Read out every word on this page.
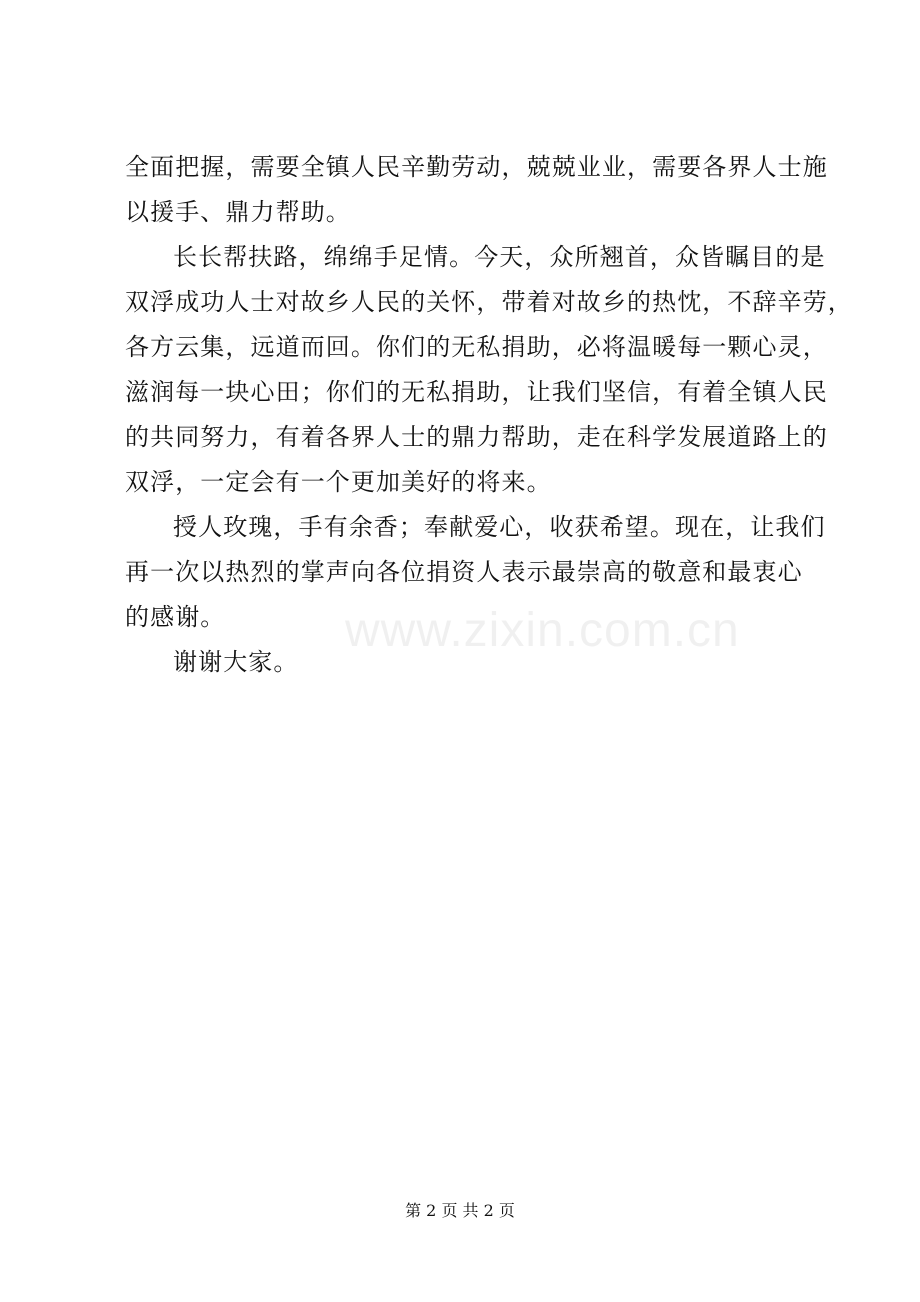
www.zixin.com.cn
全面把握，需要全镇人民辛勤劳动，兢兢业业，需要各界人士施
以援手、鼎力帮助。
长长帮扶路，绵绵手足情。今天，众所翘首，众皆瞩目的是
双浮成功人士对故乡人民的关怀，带着对故乡的热忱，不辞辛劳，
各方云集，远道而回。你们的无私捐助，必将温暖每一颗心灵，
滋润每一块心田；你们的无私捐助，让我们坚信，有着全镇人民
的共同努力，有着各界人士的鼎力帮助，走在科学发展道路上的
双浮，一定会有一个更加美好的将来。
授人玫瑰，手有余香；奉献爱心，收获希望。现在，让我们
再一次以热烈的掌声向各位捐资人表示最崇高的敬意和最衷心
的感谢。
谢谢大家。
第 2 页 共 2 页
